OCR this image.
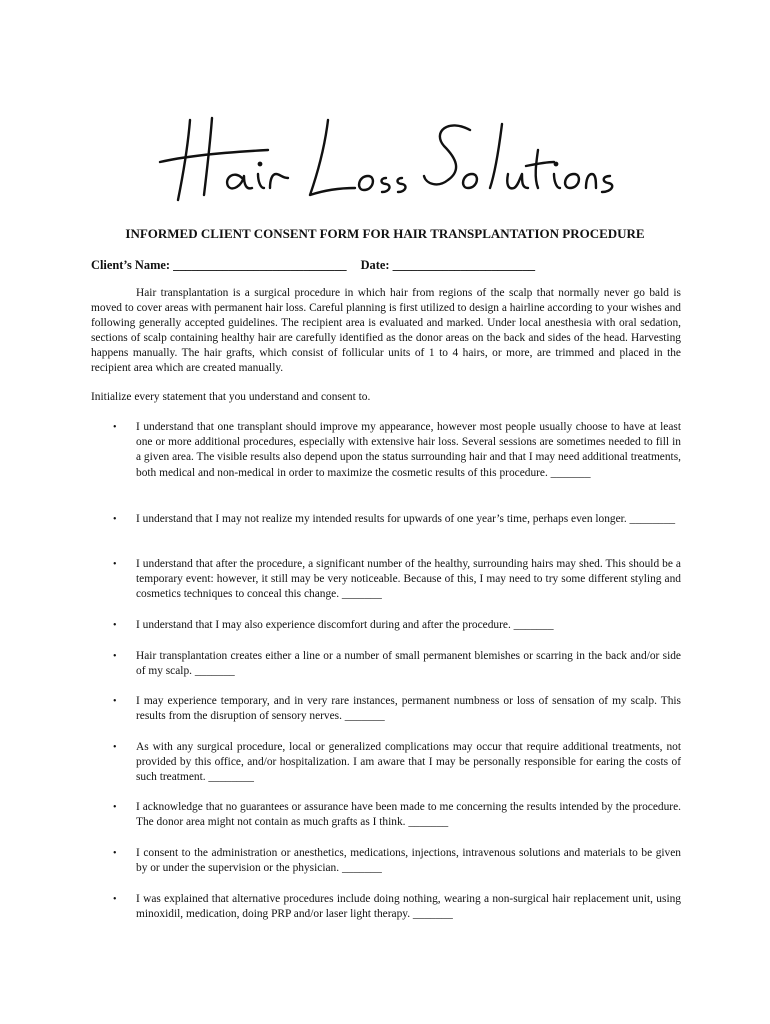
INFORMED CLIENT CONSENT FORM FOR HAIR TRANSPLANTATION PROCEDURE
Client’s Name: ____________________________ Date: _______________________

Hair transplantation is a surgical procedure in which hair from regions of the scalp that normally never go bald is moved to cover areas with permanent hair loss. Careful planning is first utilized to design a hairline according to your wishes and following generally accepted guidelines. The recipient area is evaluated and marked. Under local anesthesia with oral sedation, sections of scalp containing healthy hair are carefully identified as the donor areas on the back and sides of the head. Harvesting happens manually. The hair grafts, which consist of follicular units of 1 to 4 hairs, or more, are trimmed and placed in the recipient area which are created manually.

Initialize every statement that you understand and consent to.
• I understand that one transplant should improve my appearance, however most people usually choose to have at least one or more additional procedures, especially with extensive hair loss. Several sessions are sometimes needed to fill in a given area. The visible results also depend upon the status surrounding hair and that I may need additional treatments, both medical and non-medical in order to maximize the cosmetic results of this procedure. _______
• I understand that I may not realize my intended results for upwards of one year’s time, perhaps even longer. ________
• I understand that after the procedure, a significant number of the healthy, surrounding hairs may shed. This should be a temporary event: however, it still may be very noticeable. Because of this, I may need to try some different styling and cosmetics techniques to conceal this change. _______
• I understand that I may also experience discomfort during and after the procedure. _______
• Hair transplantation creates either a line or a number of small permanent blemishes or scarring in the back and/or side of my scalp. _______
• I may experience temporary, and in very rare instances, permanent numbness or loss of sensation of my scalp. This results from the disruption of sensory nerves. _______
• As with any surgical procedure, local or generalized complications may occur that require additional treatments, not provided by this office, and/or hospitalization. I am aware that I may be personally responsible for earing the costs of such treatment. ________
• I acknowledge that no guarantees or assurance have been made to me concerning the results intended by the procedure. The donor area might not contain as much grafts as I think. _______
• I consent to the administration or anesthetics, medications, injections, intravenous solutions and materials to be given by or under the supervision or the physician. _______
• I was explained that alternative procedures include doing nothing, wearing a non-surgical hair replacement unit, using minoxidil, medication, doing PRP and/or laser light therapy. _______
